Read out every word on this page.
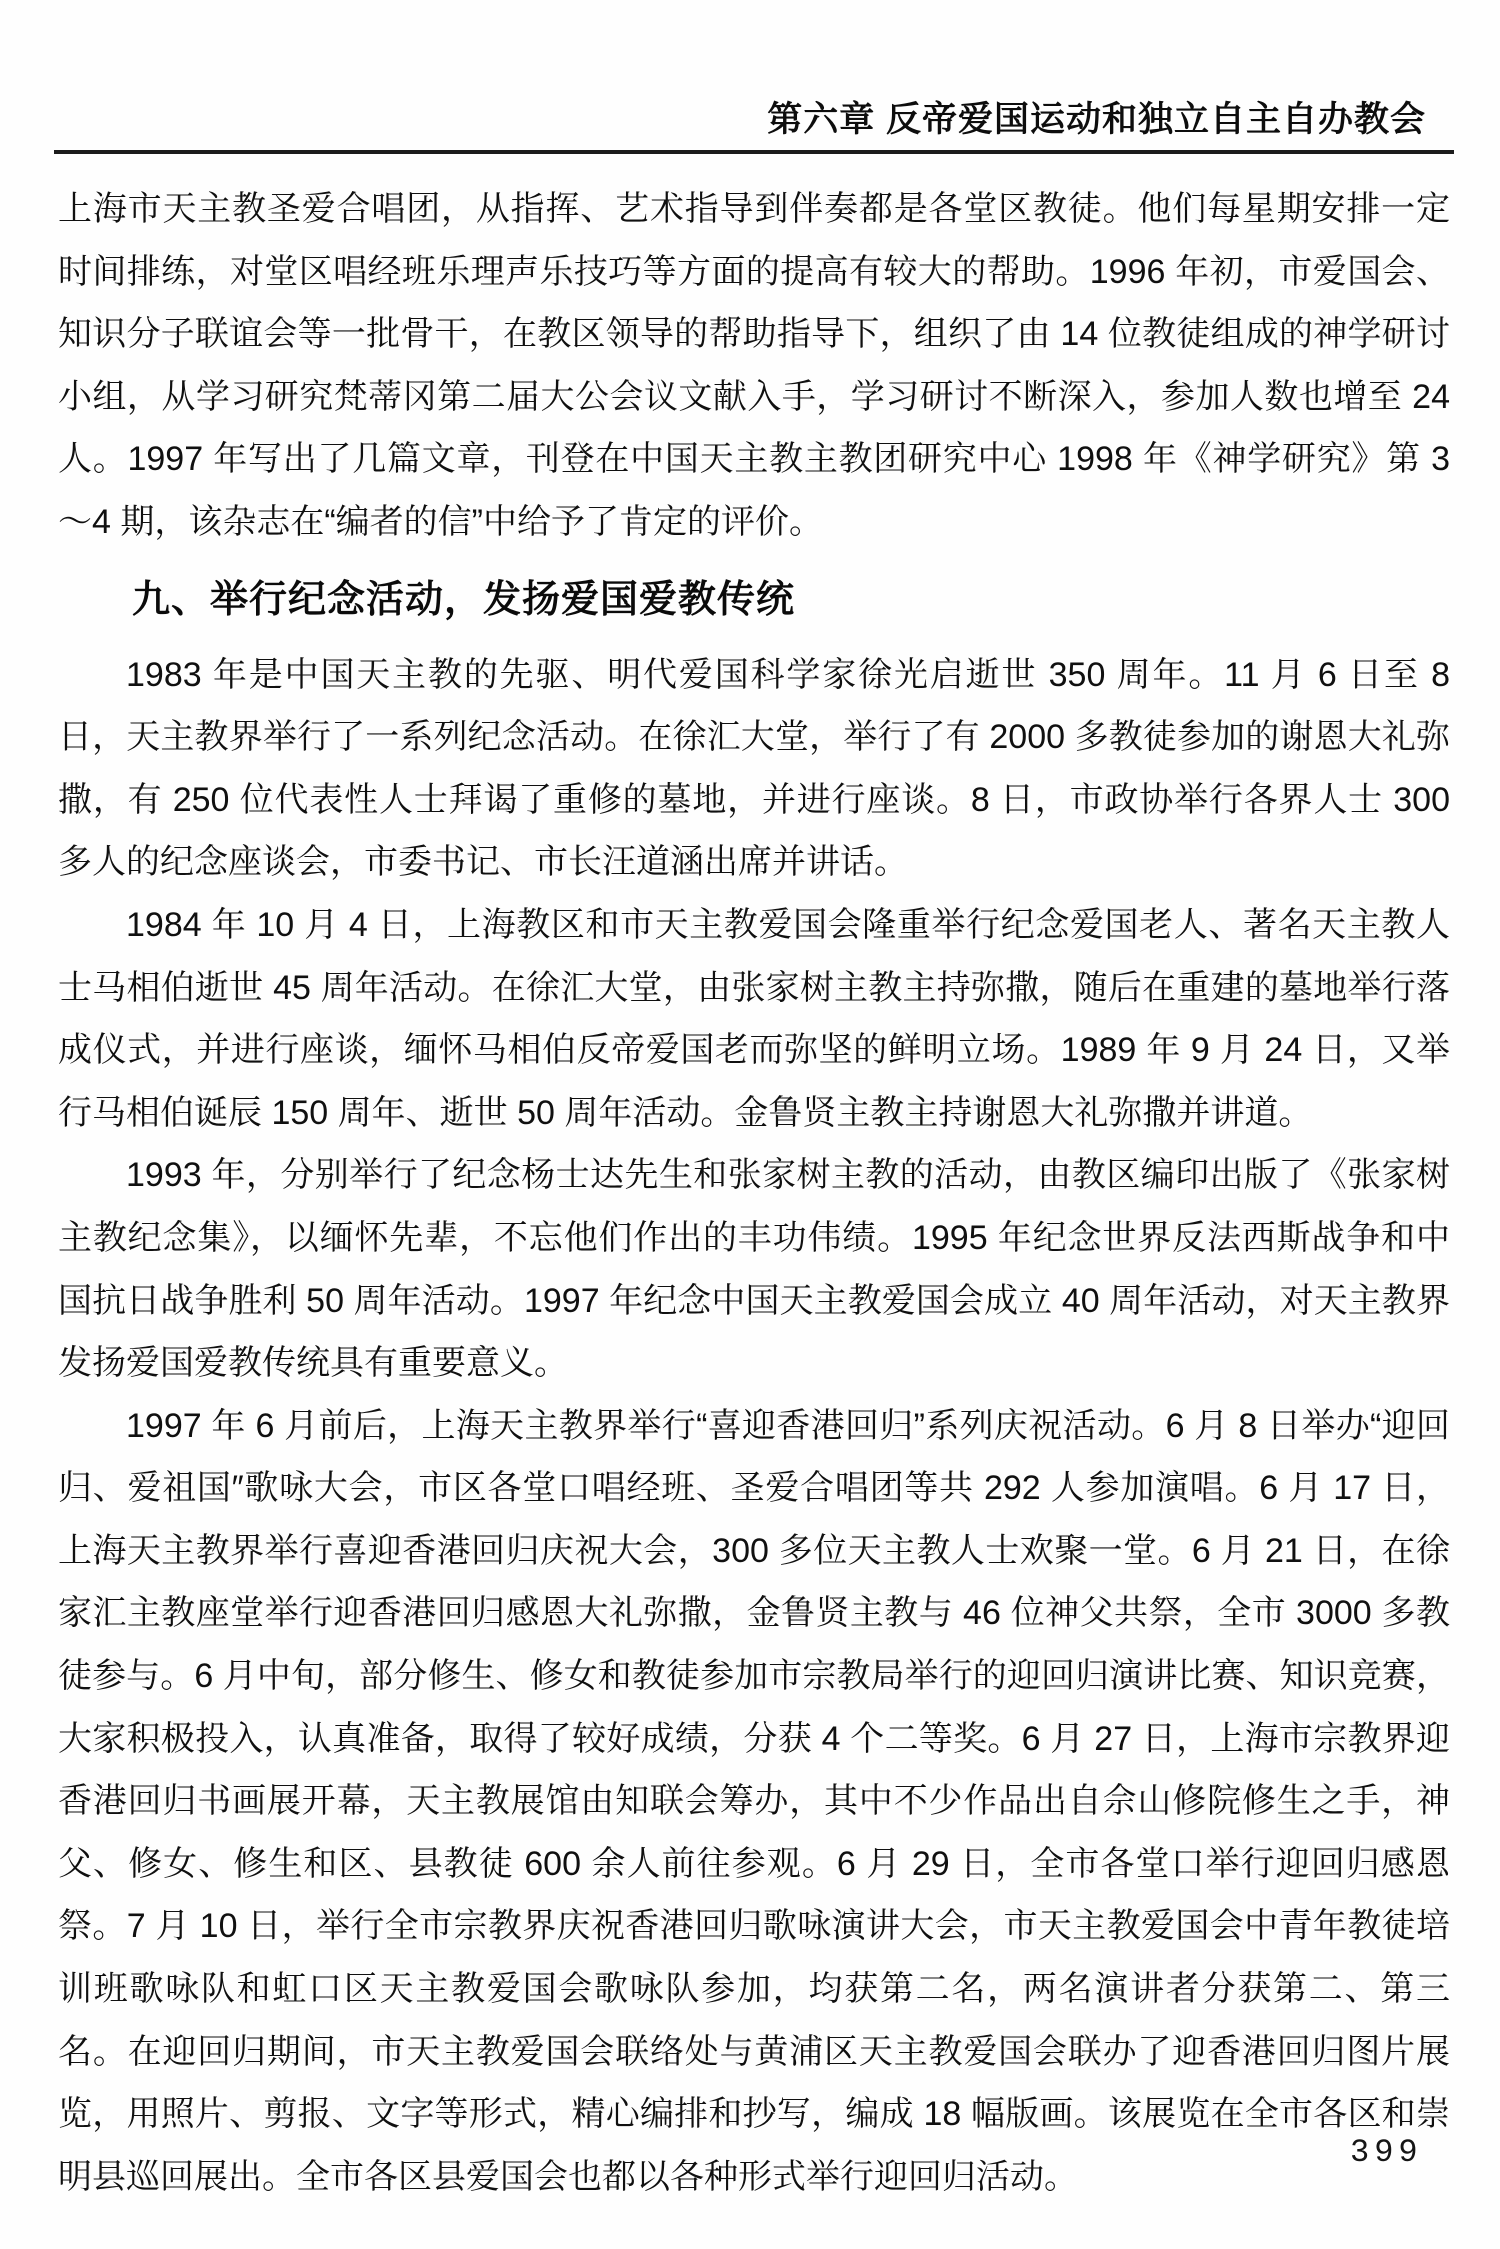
第六章 反帝爱国运动和独立自主自办教会

上海市天主教圣爱合唱团，从指挥、艺术指导到伴奏都是各堂区教徒。他们每星期安排一定时间排练，对堂区唱经班乐理声乐技巧等方面的提高有较大的帮助。1996 年初，市爱国会、知识分子联谊会等一批骨干，在教区领导的帮助指导下，组织了由 14 位教徒组成的神学研讨小组，从学习研究梵蒂冈第二届大公会议文献入手，学习研讨不断深入，参加人数也增至 24 人。1997 年写出了几篇文章，刊登在中国天主教主教团研究中心 1998 年《神学研究》第 3～4 期，该杂志在“编者的信”中给予了肯定的评价。

九、举行纪念活动，发扬爱国爱教传统

1983 年是中国天主教的先驱、明代爱国科学家徐光启逝世 350 周年。11 月 6 日至 8 日，天主教界举行了一系列纪念活动。在徐汇大堂，举行了有 2000 多教徒参加的谢恩大礼弥撒，有 250 位代表性人士拜谒了重修的墓地，并进行座谈。8 日，市政协举行各界人士 300 多人的纪念座谈会，市委书记、市长汪道涵出席并讲话。

1984 年 10 月 4 日，上海教区和市天主教爱国会隆重举行纪念爱国老人、著名天主教人士马相伯逝世 45 周年活动。在徐汇大堂，由张家树主教主持弥撒，随后在重建的墓地举行落成仪式，并进行座谈，缅怀马相伯反帝爱国老而弥坚的鲜明立场。1989 年 9 月 24 日，又举行马相伯诞辰 150 周年、逝世 50 周年活动。金鲁贤主教主持谢恩大礼弥撒并讲道。

1993 年，分别举行了纪念杨士达先生和张家树主教的活动，由教区编印出版了《张家树主教纪念集》，以缅怀先辈，不忘他们作出的丰功伟绩。1995 年纪念世界反法西斯战争和中国抗日战争胜利 50 周年活动。1997 年纪念中国天主教爱国会成立 40 周年活动，对天主教界发扬爱国爱教传统具有重要意义。

1997 年 6 月前后，上海天主教界举行“喜迎香港回归”系列庆祝活动。6 月 8 日举办“迎回归、爱祖国″歌咏大会，市区各堂口唱经班、圣爱合唱团等共 292 人参加演唱。6 月 17 日，上海天主教界举行喜迎香港回归庆祝大会，300 多位天主教人士欢聚一堂。6 月 21 日，在徐家汇主教座堂举行迎香港回归感恩大礼弥撒，金鲁贤主教与 46 位神父共祭，全市 3000 多教徒参与。6 月中旬，部分修生、修女和教徒参加市宗教局举行的迎回归演讲比赛、知识竞赛，大家积极投入，认真准备，取得了较好成绩，分获 4 个二等奖。6 月 27 日，上海市宗教界迎香港回归书画展开幕，天主教展馆由知联会筹办，其中不少作品出自佘山修院修生之手，神父、修女、修生和区、县教徒 600 余人前往参观。6 月 29 日，全市各堂口举行迎回归感恩祭。7 月 10 日，举行全市宗教界庆祝香港回归歌咏演讲大会，市天主教爱国会中青年教徒培训班歌咏队和虹口区天主教爱国会歌咏队参加，均获第二名，两名演讲者分获第二、第三名。在迎回归期间，市天主教爱国会联络处与黄浦区天主教爱国会联办了迎香港回归图片展览，用照片、剪报、文字等形式，精心编排和抄写，编成 18 幅版画。该展览在全市各区和崇明县巡回展出。全市各区县爱国会也都以各种形式举行迎回归活动。

399
